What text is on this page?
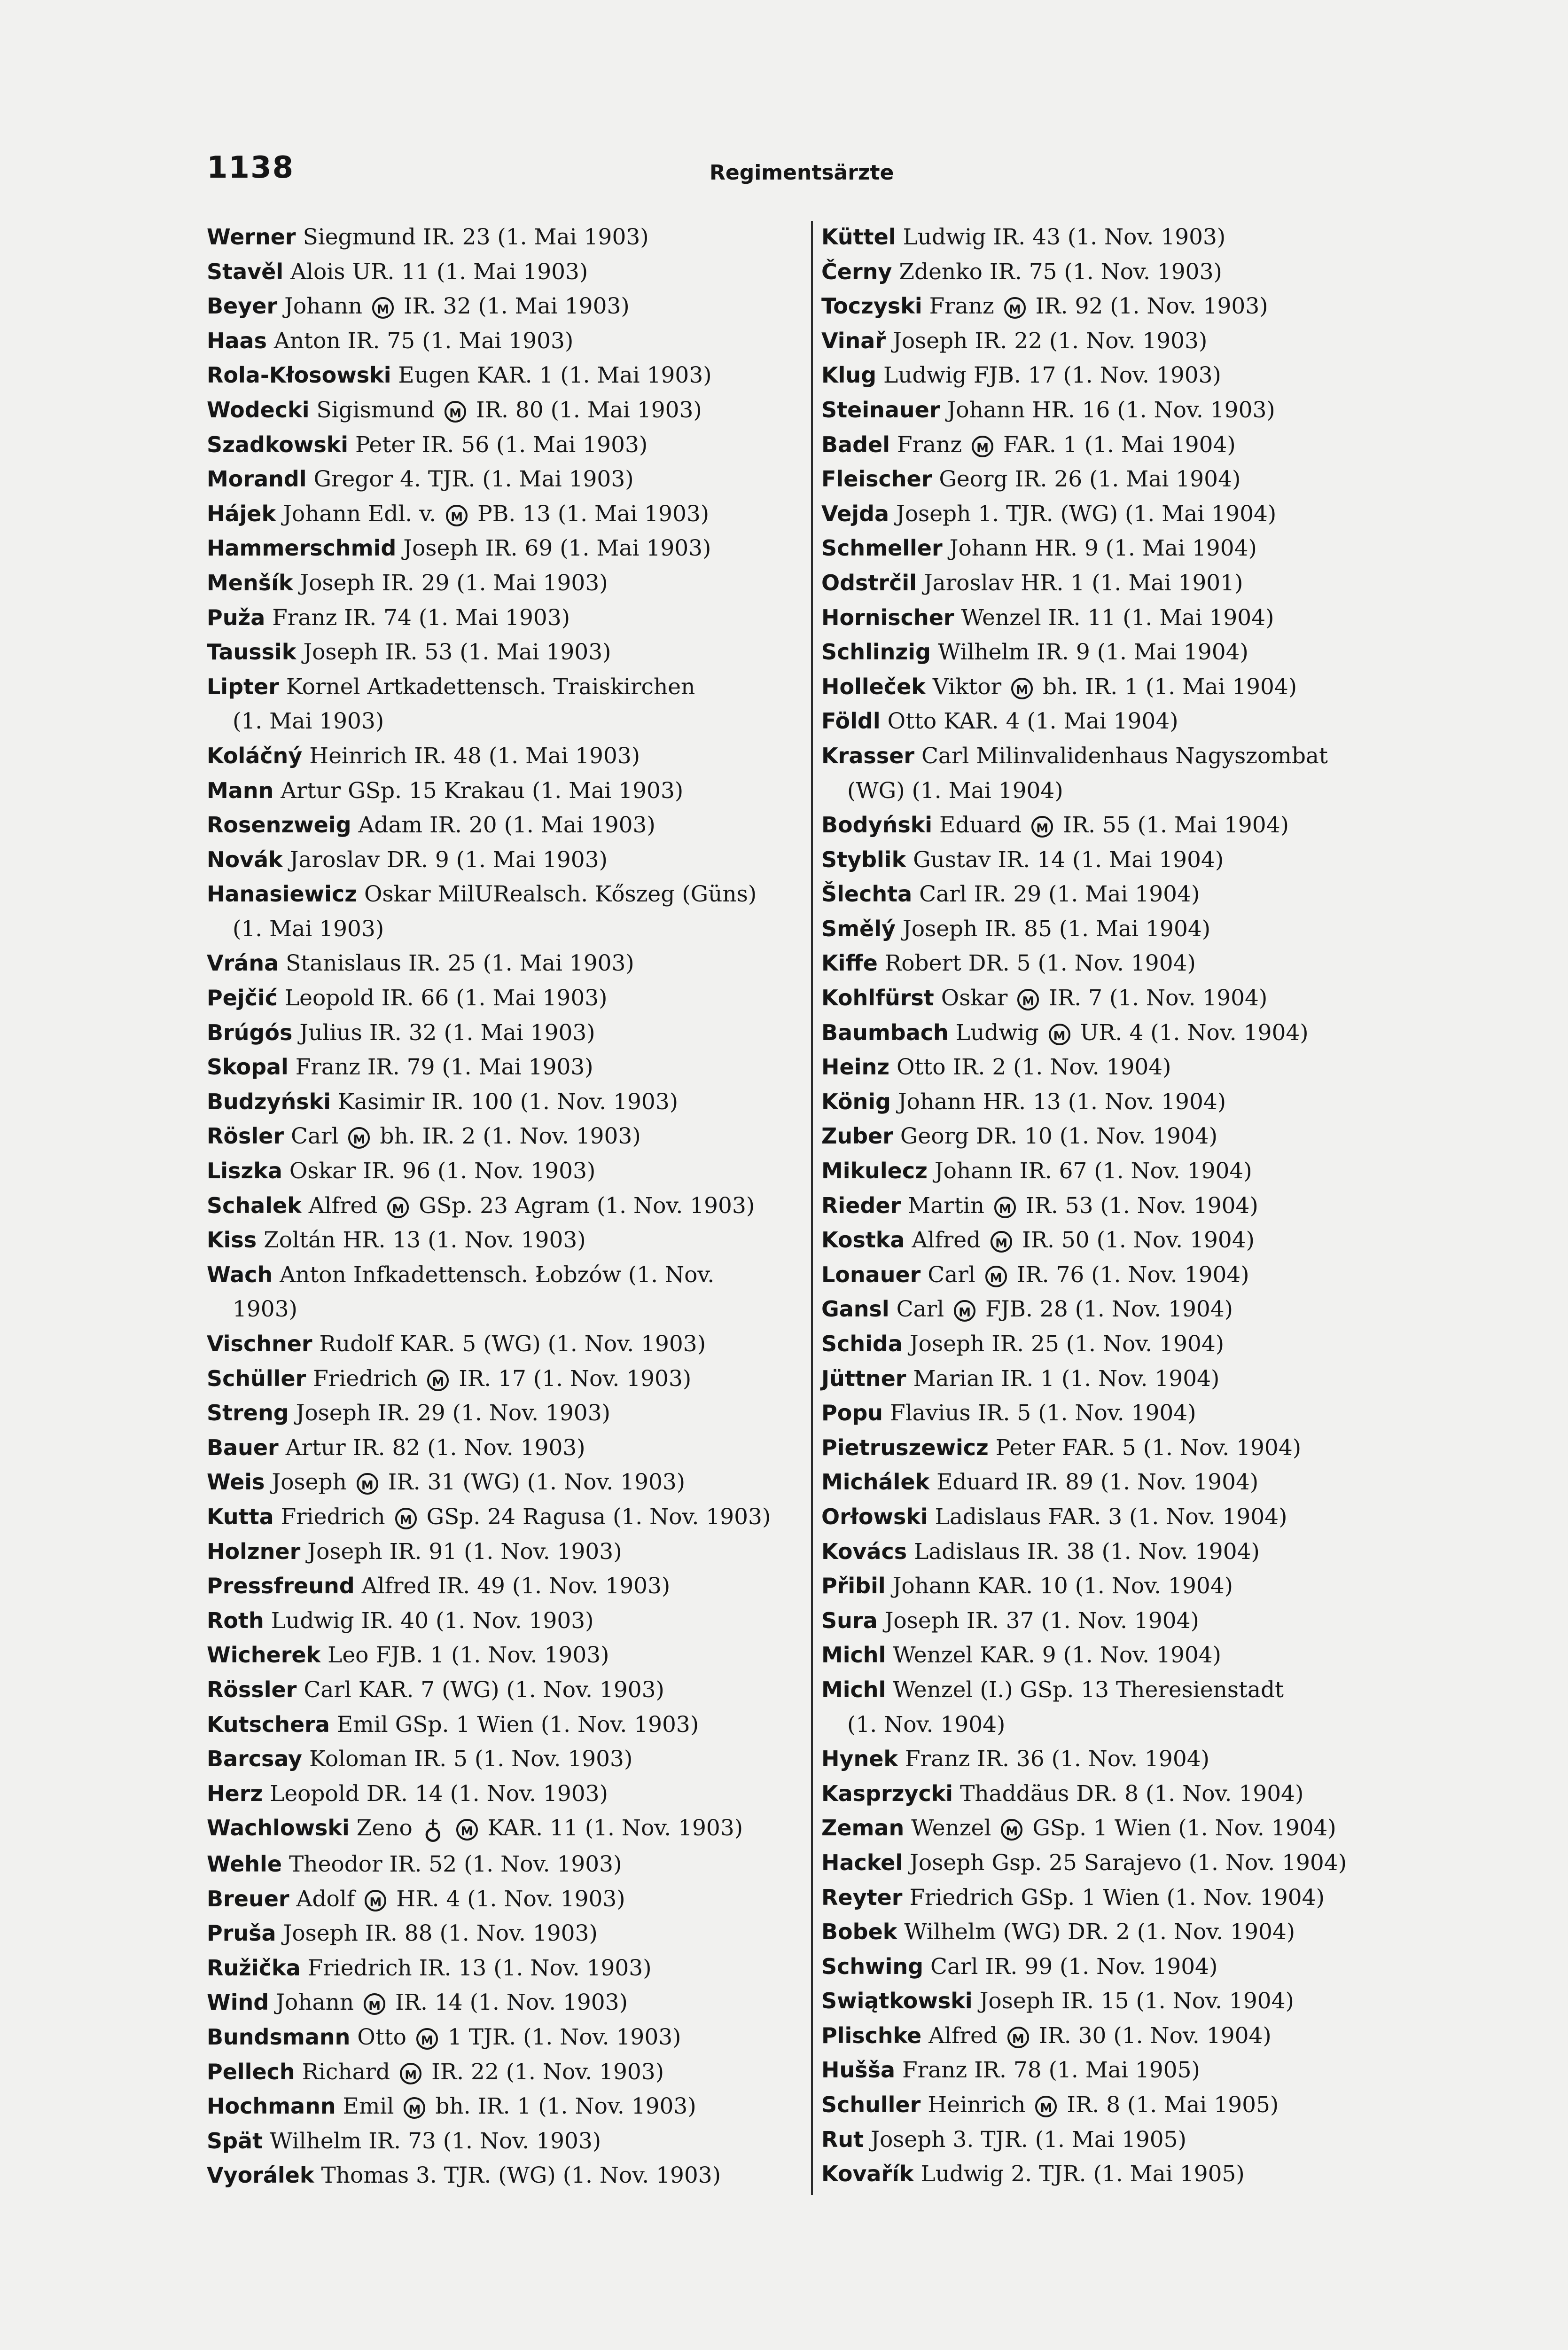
1138	Regimentsärzte
Werner Siegmund IR. 23 (1. Mai 1903)
Stavěl Alois UR. 11 (1. Mai 1903)
Beyer Johann M IR. 32 (1. Mai 1903)
Haas Anton IR. 75 (1. Mai 1903)
Rola-Kłosowski Eugen KAR. 1 (1. Mai 1903)
Wodecki Sigismund M IR. 80 (1. Mai 1903)
Szadkowski Peter IR. 56 (1. Mai 1903)
Morandl Gregor 4. TJR. (1. Mai 1903)
Hájek Johann Edl. v. M PB. 13 (1. Mai 1903)
Hammerschmid Joseph IR. 69 (1. Mai 1903)
Menšík Joseph IR. 29 (1. Mai 1903)
Puža Franz IR. 74 (1. Mai 1903)
Taussik Joseph IR. 53 (1. Mai 1903)
Lipter Kornel Artkadettensch. Traiskirchen
(1. Mai 1903)
Koláčný Heinrich IR. 48 (1. Mai 1903)
Mann Artur GSp. 15 Krakau (1. Mai 1903)
Rosenzweig Adam IR. 20 (1. Mai 1903)
Novák Jaroslav DR. 9 (1. Mai 1903)
Hanasiewicz Oskar MilURealsch. Kőszeg (Güns)
(1. Mai 1903)
Vrána Stanislaus IR. 25 (1. Mai 1903)
Pejčić Leopold IR. 66 (1. Mai 1903)
Brúgós Julius IR. 32 (1. Mai 1903)
Skopal Franz IR. 79 (1. Mai 1903)
Budzyński Kasimir IR. 100 (1. Nov. 1903)
Rösler Carl M bh. IR. 2 (1. Nov. 1903)
Liszka Oskar IR. 96 (1. Nov. 1903)
Schalek Alfred M GSp. 23 Agram (1. Nov. 1903)
Kiss Zoltán HR. 13 (1. Nov. 1903)
Wach Anton Infkadettensch. Łobzów (1. Nov.
1903)
Vischner Rudolf KAR. 5 (WG) (1. Nov. 1903)
Schüller Friedrich M IR. 17 (1. Nov. 1903)
Streng Joseph IR. 29 (1. Nov. 1903)
Bauer Artur IR. 82 (1. Nov. 1903)
Weis Joseph M IR. 31 (WG) (1. Nov. 1903)
Kutta Friedrich M GSp. 24 Ragusa (1. Nov. 1903)
Holzner Joseph IR. 91 (1. Nov. 1903)
Pressfreund Alfred IR. 49 (1. Nov. 1903)
Roth Ludwig IR. 40 (1. Nov. 1903)
Wicherek Leo FJB. 1 (1. Nov. 1903)
Rössler Carl KAR. 7 (WG) (1. Nov. 1903)
Kutschera Emil GSp. 1 Wien (1. Nov. 1903)
Barcsay Koloman IR. 5 (1. Nov. 1903)
Herz Leopold DR. 14 (1. Nov. 1903)
Wachlowski Zeno ♁ M KAR. 11 (1. Nov. 1903)
Wehle Theodor IR. 52 (1. Nov. 1903)
Breuer Adolf M HR. 4 (1. Nov. 1903)
Pruša Joseph IR. 88 (1. Nov. 1903)
Ružička Friedrich IR. 13 (1. Nov. 1903)
Wind Johann M IR. 14 (1. Nov. 1903)
Bundsmann Otto M 1 TJR. (1. Nov. 1903)
Pellech Richard M IR. 22 (1. Nov. 1903)
Hochmann Emil M bh. IR. 1 (1. Nov. 1903)
Spät Wilhelm IR. 73 (1. Nov. 1903)
Vyorálek Thomas 3. TJR. (WG) (1. Nov. 1903)
Küttel Ludwig IR. 43 (1. Nov. 1903)
Černy Zdenko IR. 75 (1. Nov. 1903)
Toczyski Franz M IR. 92 (1. Nov. 1903)
Vinař Joseph IR. 22 (1. Nov. 1903)
Klug Ludwig FJB. 17 (1. Nov. 1903)
Steinauer Johann HR. 16 (1. Nov. 1903)
Badel Franz M FAR. 1 (1. Mai 1904)
Fleischer Georg IR. 26 (1. Mai 1904)
Vejda Joseph 1. TJR. (WG) (1. Mai 1904)
Schmeller Johann HR. 9 (1. Mai 1904)
Odstrčil Jaroslav HR. 1 (1. Mai 1901)
Hornischer Wenzel IR. 11 (1. Mai 1904)
Schlinzig Wilhelm IR. 9 (1. Mai 1904)
Holleček Viktor M bh. IR. 1 (1. Mai 1904)
Földl Otto KAR. 4 (1. Mai 1904)
Krasser Carl Milinvalidenhaus Nagyszombat
(WG) (1. Mai 1904)
Bodyński Eduard M IR. 55 (1. Mai 1904)
Styblik Gustav IR. 14 (1. Mai 1904)
Šlechta Carl IR. 29 (1. Mai 1904)
Smělý Joseph IR. 85 (1. Mai 1904)
Kiffe Robert DR. 5 (1. Nov. 1904)
Kohlfürst Oskar M IR. 7 (1. Nov. 1904)
Baumbach Ludwig M UR. 4 (1. Nov. 1904)
Heinz Otto IR. 2 (1. Nov. 1904)
König Johann HR. 13 (1. Nov. 1904)
Zuber Georg DR. 10 (1. Nov. 1904)
Mikulecz Johann IR. 67 (1. Nov. 1904)
Rieder Martin M IR. 53 (1. Nov. 1904)
Kostka Alfred M IR. 50 (1. Nov. 1904)
Lonauer Carl M IR. 76 (1. Nov. 1904)
Gansl Carl M FJB. 28 (1. Nov. 1904)
Schida Joseph IR. 25 (1. Nov. 1904)
Jüttner Marian IR. 1 (1. Nov. 1904)
Popu Flavius IR. 5 (1. Nov. 1904)
Pietruszewicz Peter FAR. 5 (1. Nov. 1904)
Michálek Eduard IR. 89 (1. Nov. 1904)
Orłowski Ladislaus FAR. 3 (1. Nov. 1904)
Kovács Ladislaus IR. 38 (1. Nov. 1904)
Přibil Johann KAR. 10 (1. Nov. 1904)
Sura Joseph IR. 37 (1. Nov. 1904)
Michl Wenzel KAR. 9 (1. Nov. 1904)
Michl Wenzel (I.) GSp. 13 Theresienstadt
(1. Nov. 1904)
Hynek Franz IR. 36 (1. Nov. 1904)
Kasprzycki Thaddäus DR. 8 (1. Nov. 1904)
Zeman Wenzel M GSp. 1 Wien (1. Nov. 1904)
Hackel Joseph Gsp. 25 Sarajevo (1. Nov. 1904)
Reyter Friedrich GSp. 1 Wien (1. Nov. 1904)
Bobek Wilhelm (WG) DR. 2 (1. Nov. 1904)
Schwing Carl IR. 99 (1. Nov. 1904)
Swiątkowski Joseph IR. 15 (1. Nov. 1904)
Plischke Alfred M IR. 30 (1. Nov. 1904)
Hušša Franz IR. 78 (1. Mai 1905)
Schuller Heinrich M IR. 8 (1. Mai 1905)
Rut Joseph 3. TJR. (1. Mai 1905)
Kovařík Ludwig 2. TJR. (1. Mai 1905)
